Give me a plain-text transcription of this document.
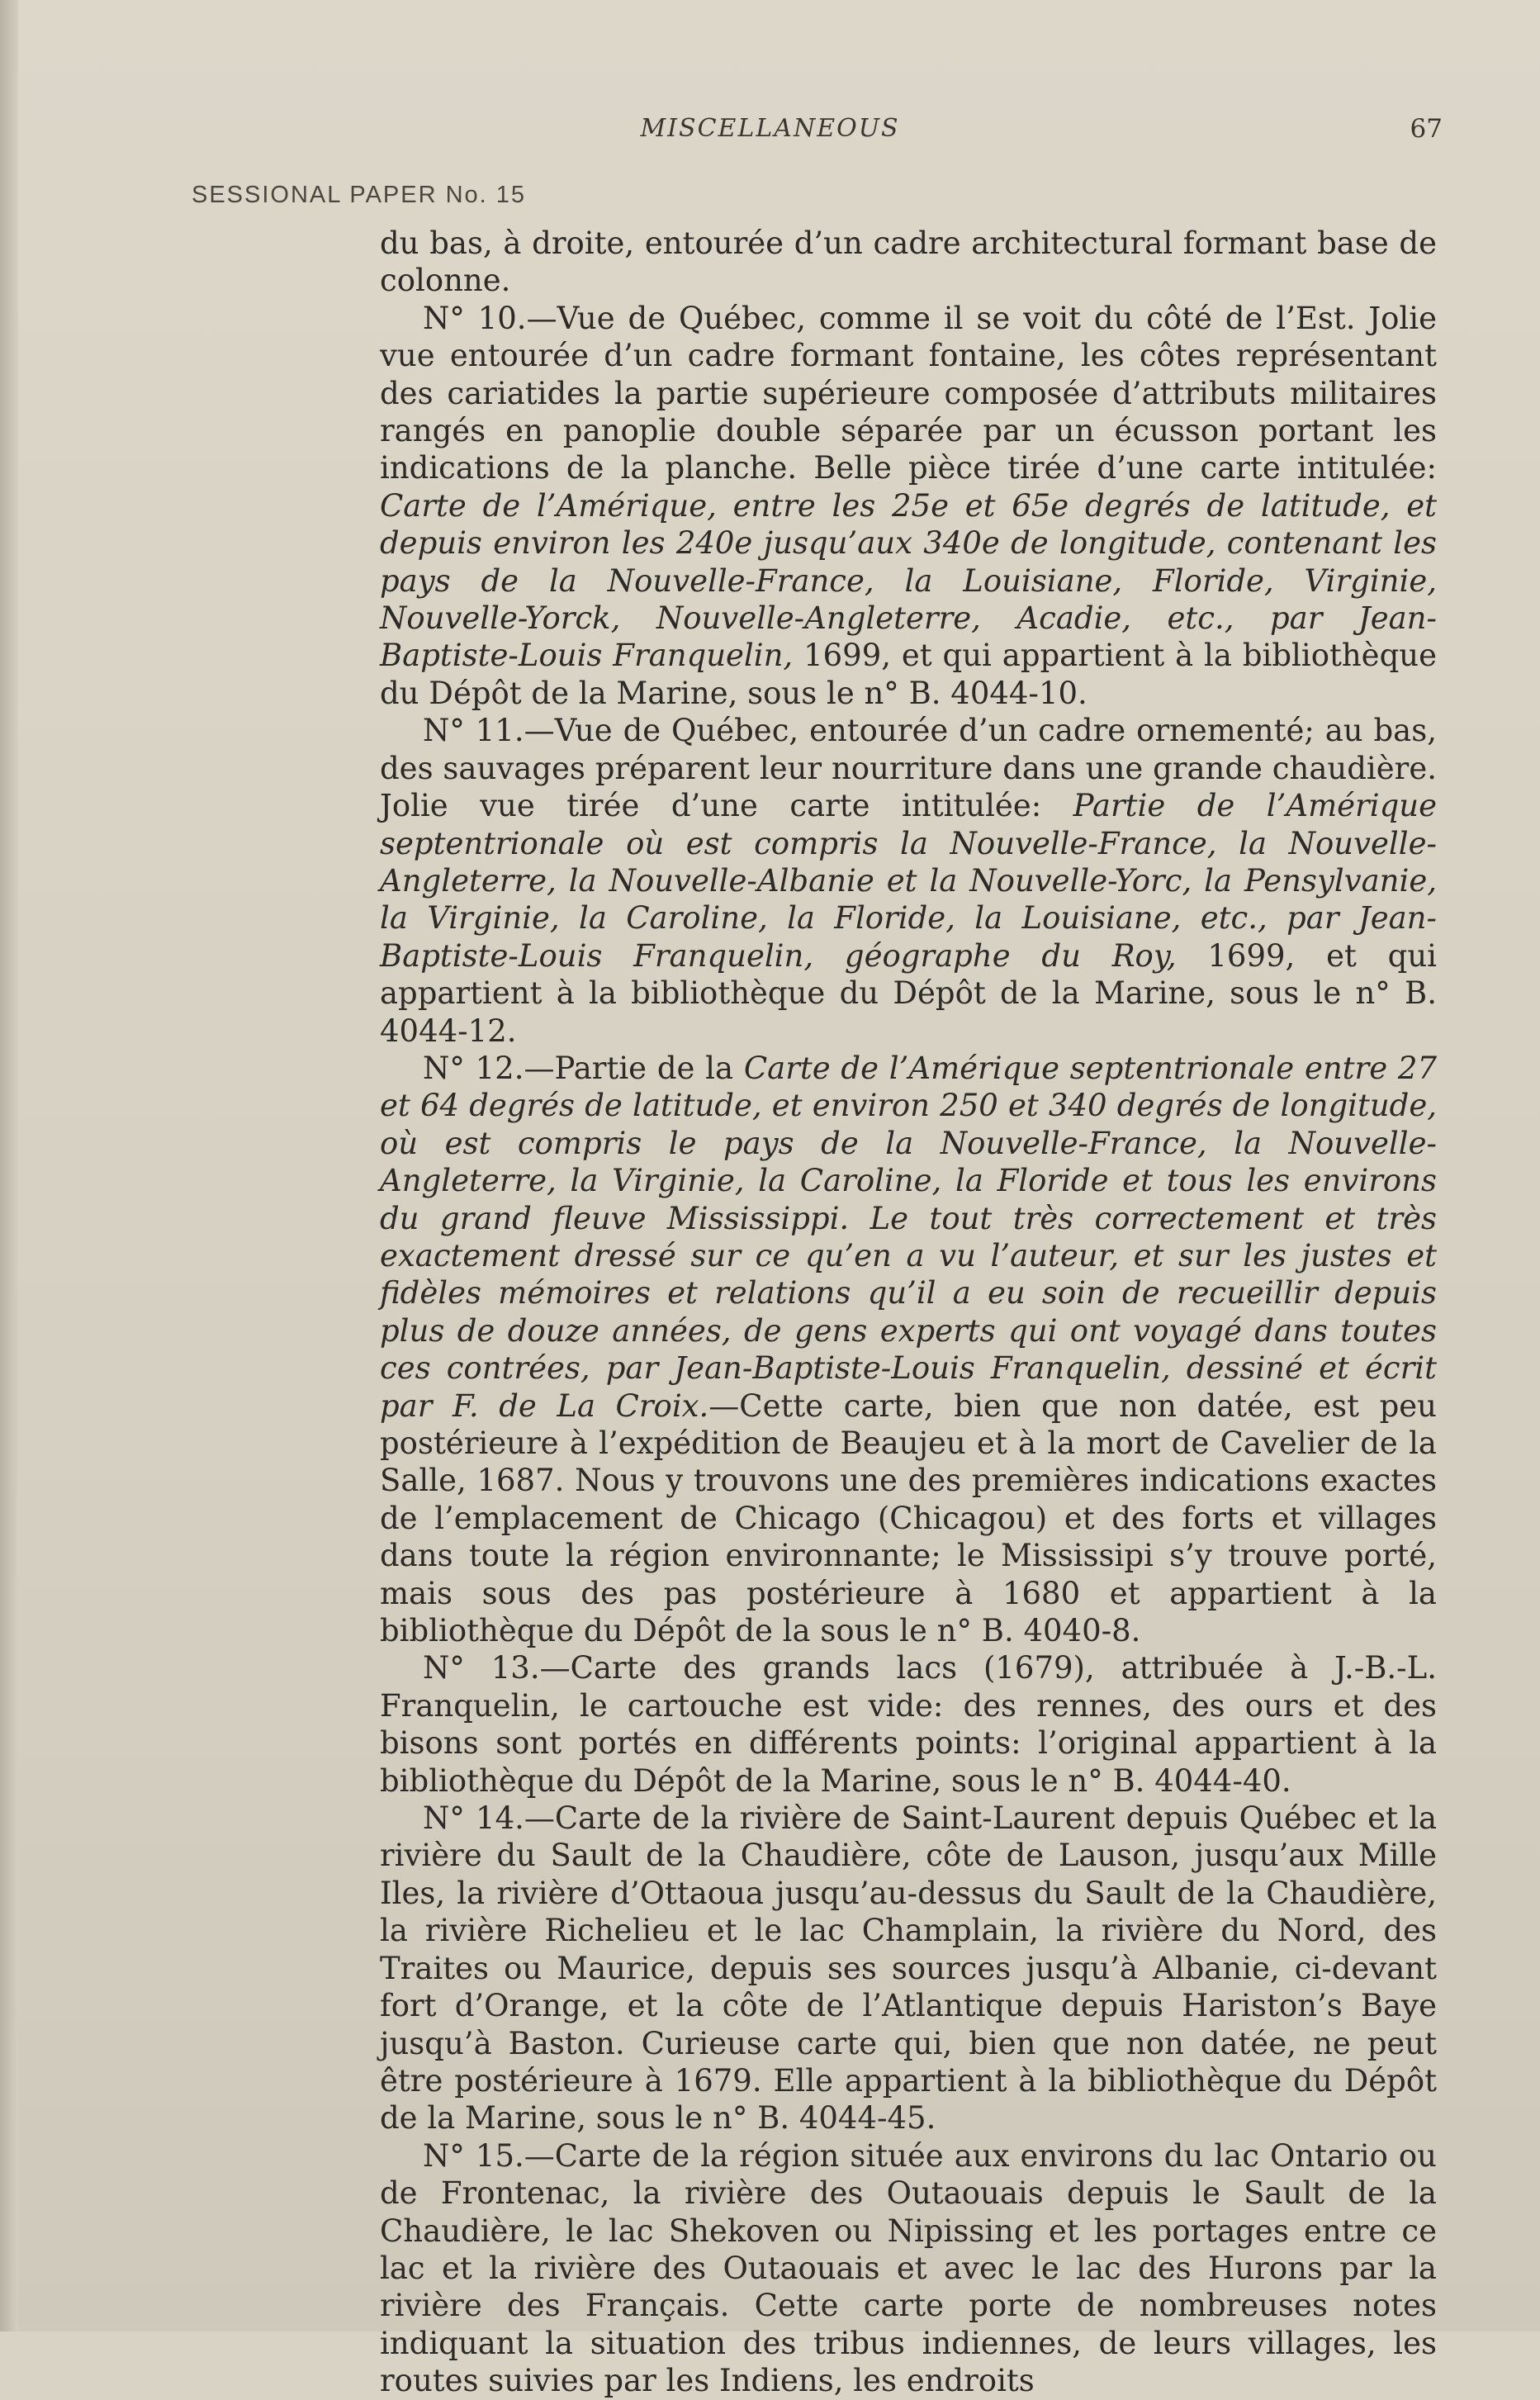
MISCELLANEOUS	67
SESSIONAL PAPER No. 15

du bas, à droite, entourée d’un cadre architectural formant base de colonne.

N° 10.—Vue de Québec, comme il se voit du côté de l’Est. Jolie vue entourée d’un cadre formant fontaine, les côtes représentant des cariatides la partie supérieure composée d’attributs militaires rangés en panoplie double séparée par un écusson portant les indications de la planche. Belle pièce tirée d’une carte intitulée: Carte de l’Amérique, entre les 25e et 65e degrés de latitude, et depuis environ les 240e jusqu’aux 340e de longitude, contenant les pays de la Nouvelle-France, la Louisiane, Floride, Virginie, Nouvelle-Yorck, Nouvelle-Angleterre, Acadie, etc., par Jean-Baptiste-Louis Franquelin, 1699, et qui appartient à la bibliothèque du Dépôt de la Marine, sous le n° B. 4044-10.

N° 11.—Vue de Québec, entourée d’un cadre ornementé; au bas, des sauvages préparent leur nourriture dans une grande chaudière. Jolie vue tirée d’une carte intitulée: Partie de l’Amérique septentrionale où est compris la Nouvelle-France, la Nouvelle-Angleterre, la Nouvelle-Albanie et la Nouvelle-Yorc, la Pensylvanie, la Virginie, la Caroline, la Floride, la Louisiane, etc., par Jean-Baptiste-Louis Franquelin, géographe du Roy, 1699, et qui appartient à la bibliothèque du Dépôt de la Marine, sous le n° B. 4044-12.

N° 12.—Partie de la Carte de l’Amérique septentrionale entre 27 et 64 degrés de latitude, et environ 250 et 340 degrés de longitude, où est compris le pays de la Nouvelle-France, la Nouvelle-Angleterre, la Virginie, la Caroline, la Floride et tous les environs du grand fleuve Mississippi. Le tout très correctement et très exactement dressé sur ce qu’en a vu l’auteur, et sur les justes et fidèles mémoires et relations qu’il a eu soin de recueillir depuis plus de douze années, de gens experts qui ont voyagé dans toutes ces contrées, par Jean-Baptiste-Louis Franquelin, dessiné et écrit par F. de La Croix.—Cette carte, bien que non datée, est peu postérieure à l’expédition de Beaujeu et à la mort de Cavelier de la Salle, 1687. Nous y trouvons une des premières indications exactes de l’emplacement de Chicago (Chicagou) et des forts et villages dans toute la région environnante; le Mississipi s’y trouve porté, mais sous des pas postérieure à 1680 et appartient à la bibliothèque du Dépôt de la sous le n° B. 4040-8.

N° 13.—Carte des grands lacs (1679), attribuée à J.-B.-L. Franquelin, le cartouche est vide: des rennes, des ours et des bisons sont portés en différents points: l’original appartient à la bibliothèque du Dépôt de la Marine, sous le n° B. 4044-40.

N° 14.—Carte de la rivière de Saint-Laurent depuis Québec et la rivière du Sault de la Chaudière, côte de Lauson, jusqu’aux Mille Iles, la rivière d’Ottaoua jusqu’au-dessus du Sault de la Chaudière, la rivière Richelieu et le lac Champlain, la rivière du Nord, des Traites ou Maurice, depuis ses sources jusqu’à Albanie, ci-devant fort d’Orange, et la côte de l’Atlantique depuis Hariston’s Baye jusqu’à Baston. Curieuse carte qui, bien que non datée, ne peut être postérieure à 1679. Elle appartient à la bibliothèque du Dépôt de la Marine, sous le n° B. 4044-45.

N° 15.—Carte de la région située aux environs du lac Ontario ou de Frontenac, la rivière des Outaouais depuis le Sault de la Chaudière, le lac Shekoven ou Nipissing et les portages entre ce lac et la rivière des Outaouais et avec le lac des Hurons par la rivière des Français. Cette carte porte de nombreuses notes indiquant la situation des tribus indiennes, de leurs villages, les routes suivies par les Indiens, les endroits
